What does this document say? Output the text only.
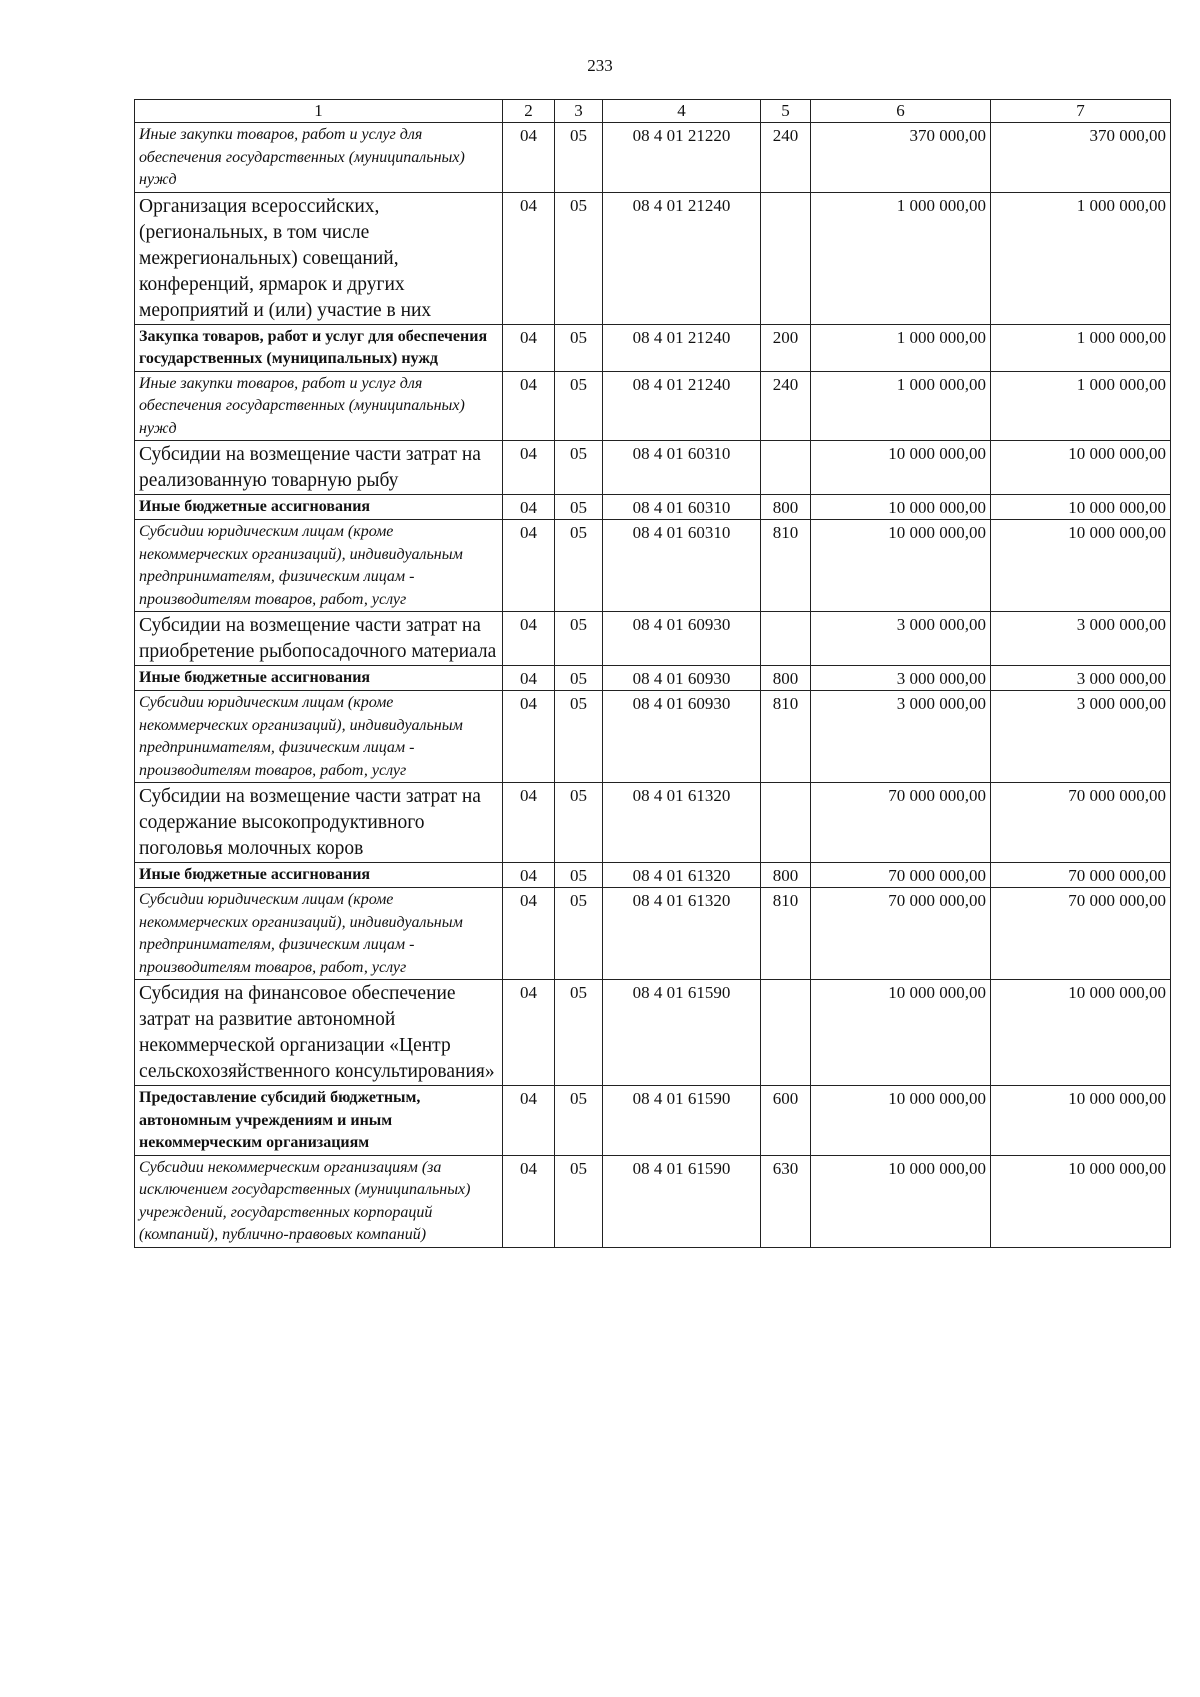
233
1	2	3	4	5	6	7
Иные закупки товаров, работ и услуг для обеспечения государственных (муниципальных) нужд	04	05	08 4 01 21220	240	370 000,00	370 000,00
Организация всероссийских, (региональных, в том числе межрегиональных) совещаний, конференций, ярмарок и других мероприятий и (или) участие в них	04	05	08 4 01 21240		1 000 000,00	1 000 000,00
Закупка товаров, работ и услуг для обеспечения государственных (муниципальных) нужд	04	05	08 4 01 21240	200	1 000 000,00	1 000 000,00
Иные закупки товаров, работ и услуг для обеспечения государственных (муниципальных) нужд	04	05	08 4 01 21240	240	1 000 000,00	1 000 000,00
Субсидии на возмещение части затрат на реализованную товарную рыбу	04	05	08 4 01 60310		10 000 000,00	10 000 000,00
Иные бюджетные ассигнования	04	05	08 4 01 60310	800	10 000 000,00	10 000 000,00
Субсидии юридическим лицам (кроме некоммерческих организаций), индивидуальным предпринимателям, физическим лицам - производителям товаров, работ, услуг	04	05	08 4 01 60310	810	10 000 000,00	10 000 000,00
Субсидии на возмещение части затрат на приобретение рыбопосадочного материала	04	05	08 4 01 60930		3 000 000,00	3 000 000,00
Иные бюджетные ассигнования	04	05	08 4 01 60930	800	3 000 000,00	3 000 000,00
Субсидии юридическим лицам (кроме некоммерческих организаций), индивидуальным предпринимателям, физическим лицам - производителям товаров, работ, услуг	04	05	08 4 01 60930	810	3 000 000,00	3 000 000,00
Субсидии на возмещение части затрат на содержание высокопродуктивного поголовья молочных коров	04	05	08 4 01 61320		70 000 000,00	70 000 000,00
Иные бюджетные ассигнования	04	05	08 4 01 61320	800	70 000 000,00	70 000 000,00
Субсидии юридическим лицам (кроме некоммерческих организаций), индивидуальным предпринимателям, физическим лицам - производителям товаров, работ, услуг	04	05	08 4 01 61320	810	70 000 000,00	70 000 000,00
Субсидия на финансовое обеспечение затрат на развитие автономной некоммерческой организации «Центр сельскохозяйственного консультирования»	04	05	08 4 01 61590		10 000 000,00	10 000 000,00
Предоставление субсидий бюджетным, автономным учреждениям и иным некоммерческим организациям	04	05	08 4 01 61590	600	10 000 000,00	10 000 000,00
Субсидии некоммерческим организациям (за исключением государственных (муниципальных) учреждений, государственных корпораций (компаний), публично-правовых компаний)	04	05	08 4 01 61590	630	10 000 000,00	10 000 000,00
